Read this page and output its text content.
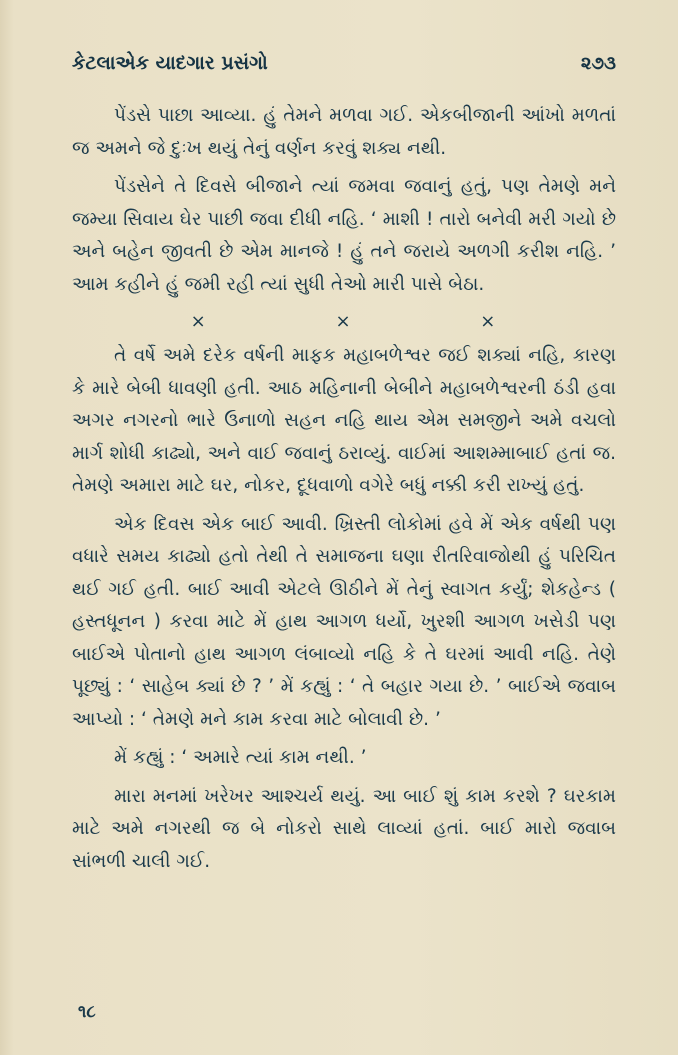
કેટલાએક યાદગાર પ્રસંગો	૨૭૩

પેંડસે પાછા આવ્યા. હું તેમને મળવા ગઈ. એકબીજાની આંખો મળતાં જ અમને જે દુઃખ થયું તેનું વર્ણન કરવું શક્ય નથી.

પેંડસેને તે દિવસે બીજાને ત્યાં જમવા જવાનું હતું, પણ તેમણે મને જમ્યા સિવાય ઘેર પાછી જવા દીધી નહિ. ‘ માશી ! તારો બનેવી મરી ગયો છે અને બહેન જીવતી છે એમ માનજે ! હું તને જરાયે અળગી કરીશ નહિ. ’ આમ કહીને હું જમી રહી ત્યાં સુધી તેઓ મારી પાસે બેઠા.

× × ×

તે વર્ષે અમે દરેક વર્ષની માફક મહાબળેશ્વર જઈ શક્યાં નહિ, કારણ કે મારે બેબી ધાવણી હતી. આઠ મહિનાની બેબીને મહાબળેશ્વરની ઠંડી હવા અગર નગરનો ભારે ઉનાળો સહન નહિ થાય એમ સમજીને અમે વચલો માર્ગ શોધી કાઢ્યો, અને વાઈ જવાનું ઠરાવ્યું. વાઈમાં આશમ્માબાઈ હતાં જ. તેમણે અમારા માટે ઘર, નોકર, દૂધવાળો વગેરે બધું નક્કી કરી રાખ્યું હતું.

એક દિવસ એક બાઈ આવી. ખ્રિસ્તી લોકોમાં હવે મેં એક વર્ષથી પણ વધારે સમય કાઢ્યો હતો તેથી તે સમાજના ઘણા રીતરિવાજોથી હું પરિચિત થઈ ગઈ હતી. બાઈ આવી એટલે ઊઠીને મેં તેનું સ્વાગત કર્યું; શેકહેન્ડ ( હસ્તધૂનન ) કરવા માટે મેં હાથ આગળ ધર્યો, ખુરશી આગળ ખસેડી પણ બાઈએ પોતાનો હાથ આગળ લંબાવ્યો નહિ કે તે ઘરમાં આવી નહિ. તેણે પૂછ્યું : ‘ સાહેબ ક્યાં છે ? ’ મેં કહ્યું : ‘ તે બહાર ગયા છે. ’ બાઈએ જવાબ આપ્યો : ‘ તેમણે મને કામ કરવા માટે બોલાવી છે. ’

મેં કહ્યું : ‘ અમારે ત્યાં કામ નથી. ’

મારા મનમાં ખરેખર આશ્ચર્ય થયું. આ બાઈ શું કામ કરશે ? ઘરકામ માટે અમે નગરથી જ બે નોકરો સાથે લાવ્યાં હતાં. બાઈ મારો જવાબ સાંભળી ચાલી ગઈ.

૧૮
